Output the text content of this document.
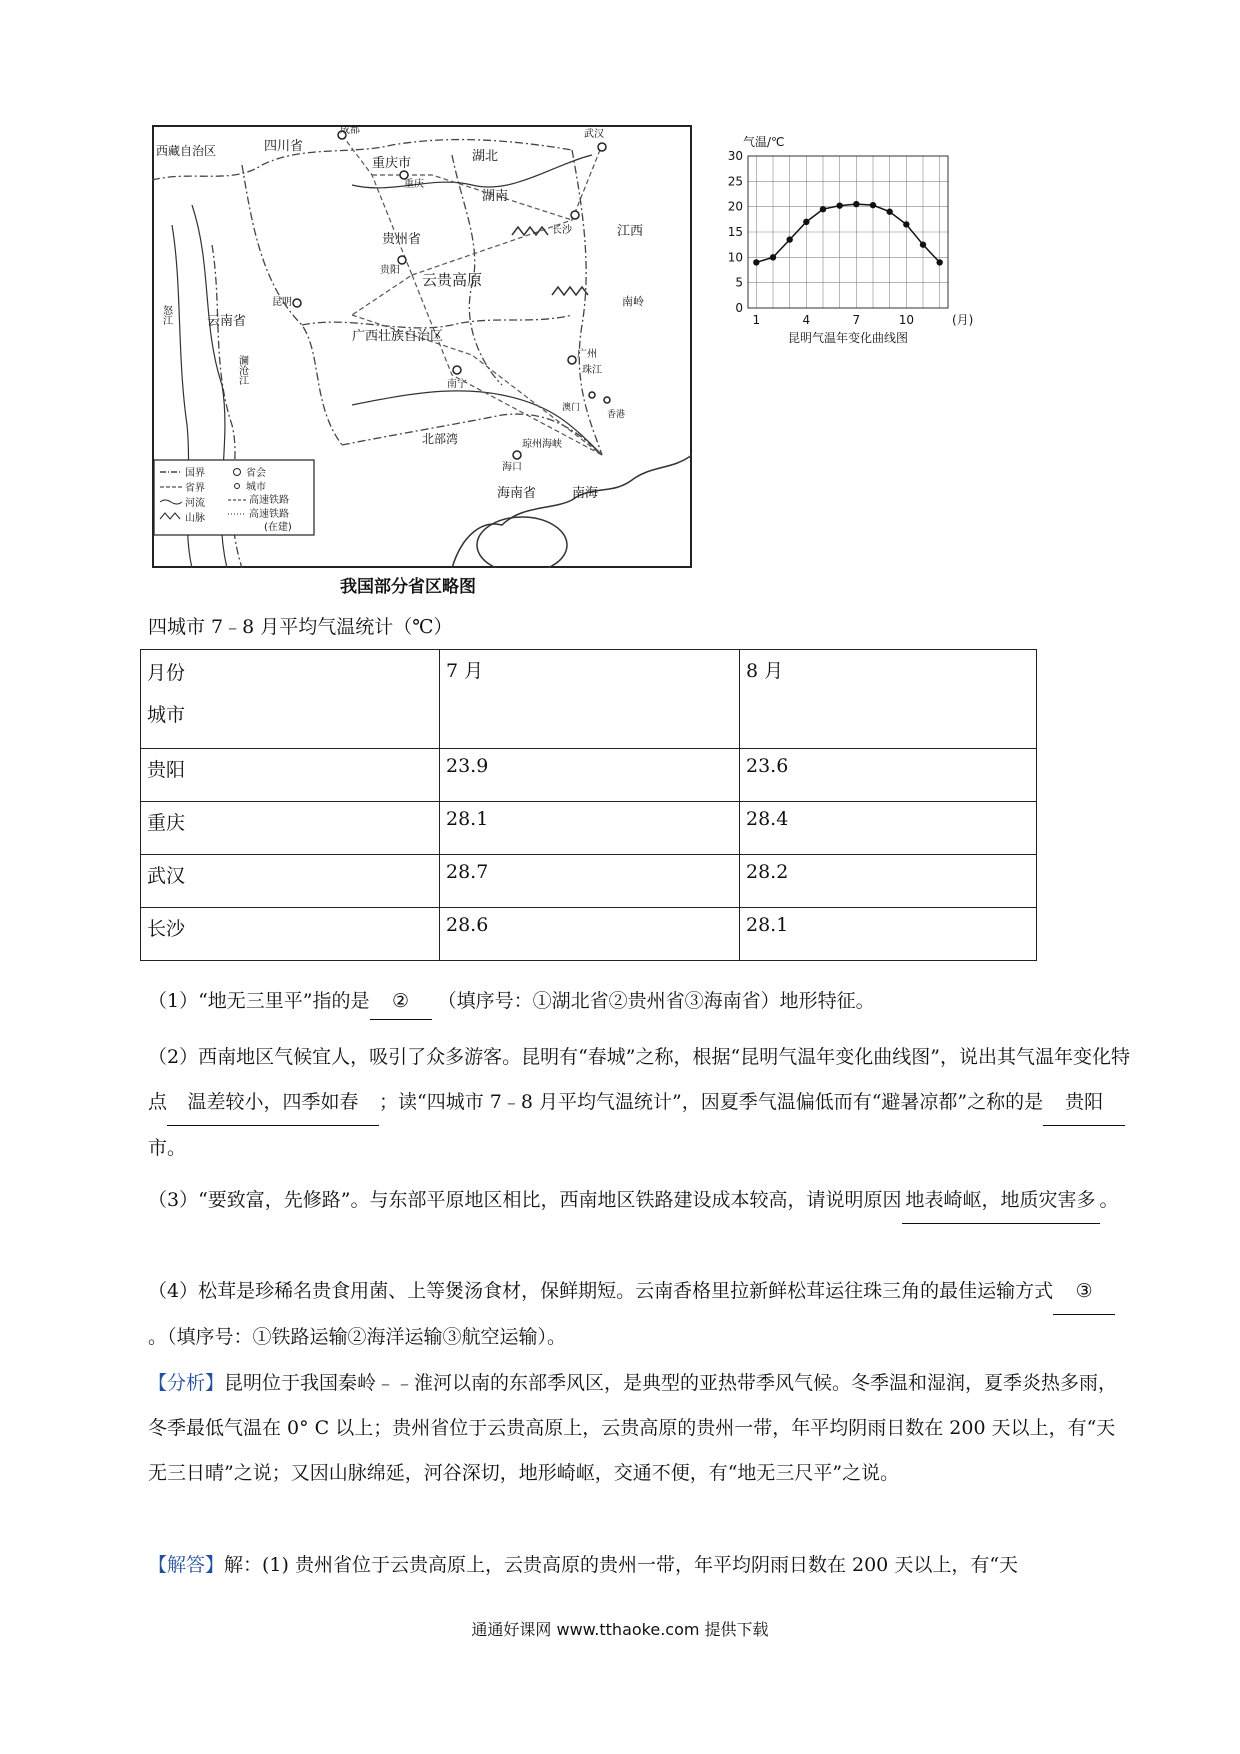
西藏自治区	四川省
成都
重庆市
重庆
湖北
武汉
湖南
长沙	江西
贵州省
贵阳
云贵高原
云南省
昆明
广西壮族自治区
南宁
广州
珠江
澳门
香港
北部湾	琼州海峡
海口
海南省	南海
怒江
澜沧江
南岭
国界
省界
河流
山脉
省会
城市
高速铁路
高速铁路
(在建)
我国部分省区略图
0
5
10
15
20
25
30
1	4	7	10	(月)
气温/℃
昆明气温年变化曲线图
四城市 7﹣8 月平均气温统计（℃）
月份
城市	7 月	8 月
贵阳	23.9	23.6
重庆	28.1	28.4
武汉	28.7	28.2
长沙	28.6	28.1
（1）“地无三里平”指的是 ② （填序号：①湖北省②贵州省③海南省）地形特征。
（2）西南地区气候宜人，吸引了众多游客。昆明有“春城”之称，根据“昆明气温年变化曲线图”，说出其气温年变化特点 温差较小，四季如春 ；读“四城市 7﹣8 月平均气温统计”，因夏季气温偏低而有“避暑凉都”之称的是 贵阳市。
（3）“要致富，先修路”。与东部平原地区相比，西南地区铁路建设成本较高，请说明原因 地表崎岖，地质灾害多 。
（4）松茸是珍稀名贵食用菌、上等煲汤食材，保鲜期短。云南香格里拉新鲜松茸运往珠三角的最佳运输方式 ③。（填序号：①铁路运输②海洋运输③航空运输）。
【分析】昆明位于我国秦岭﹣﹣淮河以南的东部季风区，是典型的亚热带季风气候。冬季温和湿润，夏季炎热多雨，冬季最低气温在 0° C 以上；贵州省位于云贵高原上，云贵高原的贵州一带，年平均阴雨日数在 200 天以上，有“天无三日晴”之说；又因山脉绵延，河谷深切，地形崎岖，交通不便，有“地无三尺平”之说。
【解答】解：(1) 贵州省位于云贵高原上，云贵高原的贵州一带，年平均阴雨日数在 200 天以上，有“天
通通好课网 www.tthaoke.com 提供下载
